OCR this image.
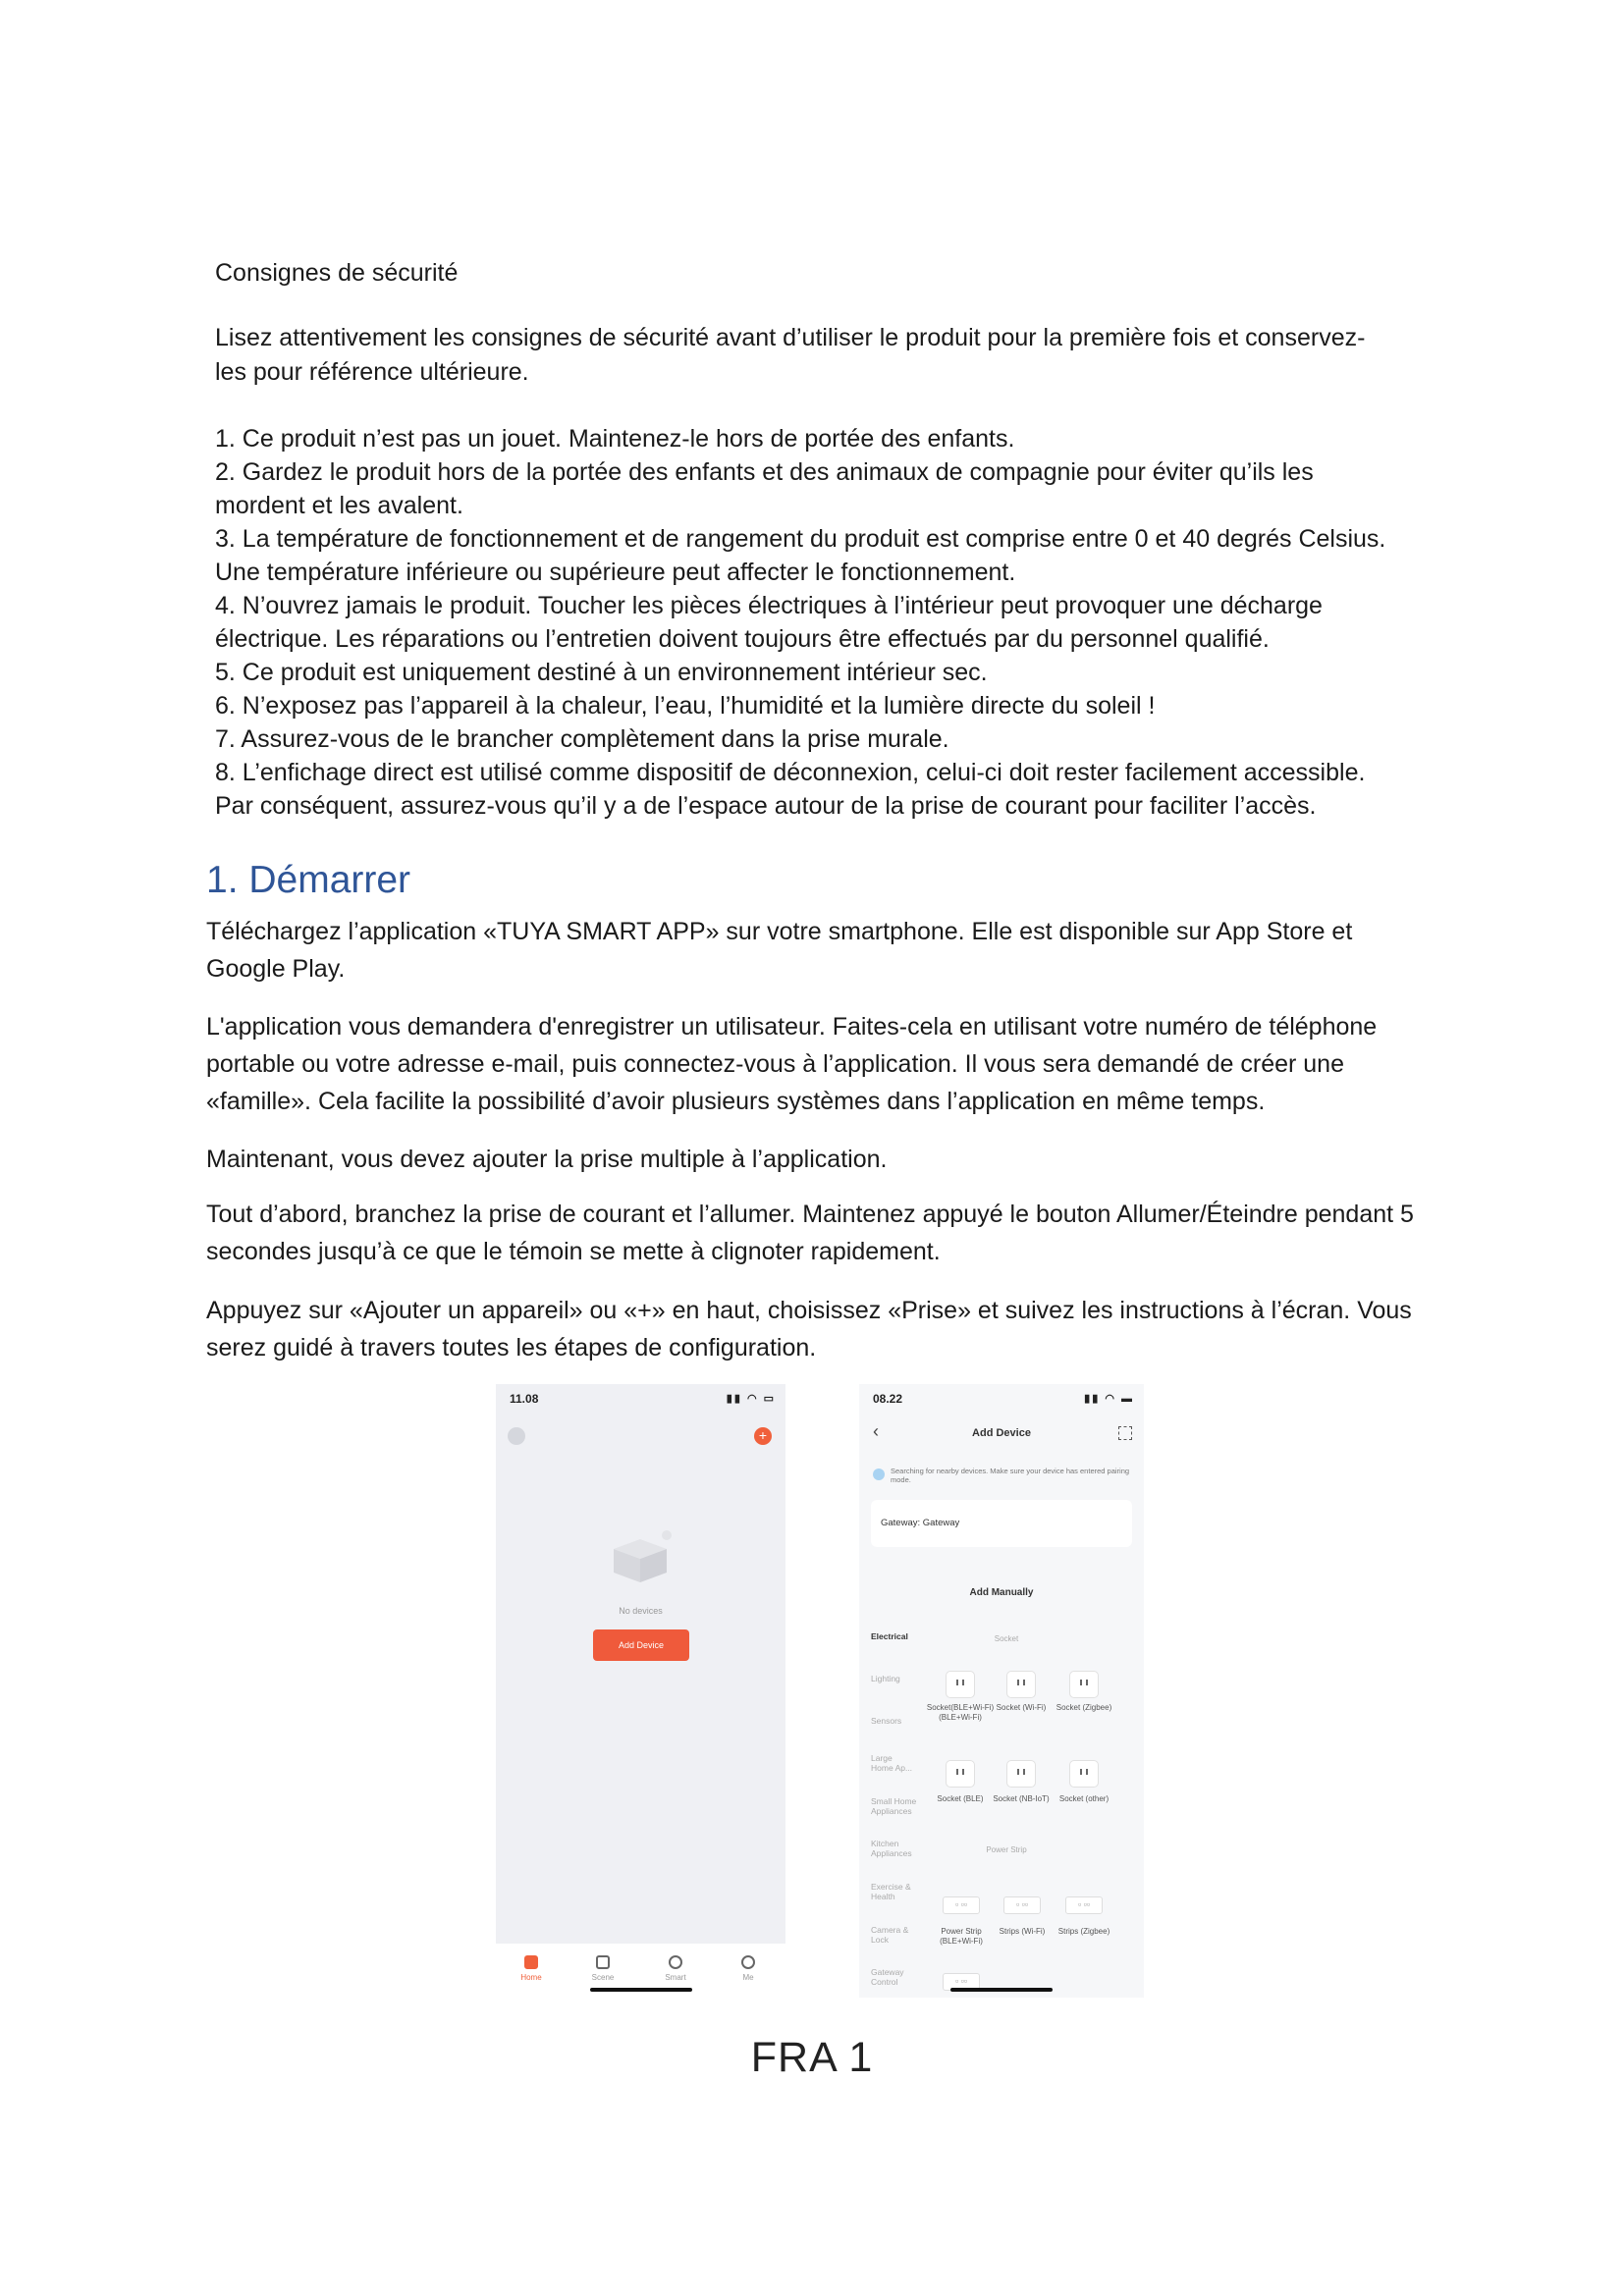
Consignes de sécurité
Lisez attentivement les consignes de sécurité avant d’utiliser le produit pour la première fois et conservez-les pour référence ultérieure.
1. Ce produit n’est pas un jouet. Maintenez-le hors de portée des enfants.
2. Gardez le produit hors de la portée des enfants et des animaux de compagnie pour éviter qu’ils les mordent et les avalent.
3. La température de fonctionnement et de rangement du produit est comprise entre 0 et 40 degrés Celsius. Une température inférieure ou supérieure peut affecter le fonctionnement.
4. N’ouvrez jamais le produit. Toucher les pièces électriques à l’intérieur peut provoquer une décharge électrique. Les réparations ou l’entretien doivent toujours être effectués par du personnel qualifié.
5. Ce produit est uniquement destiné à un environnement intérieur sec.
6. N’exposez pas l’appareil à la chaleur, l’eau, l’humidité et la lumière directe du soleil !
7. Assurez-vous de le brancher complètement dans la prise murale.
8. L’enfichage direct est utilisé comme dispositif de déconnexion, celui-ci doit rester facilement accessible. Par conséquent, assurez-vous qu’il y a de l’espace autour de la prise de courant pour faciliter l’accès.
1. Démarrer
Téléchargez l’application «TUYA SMART APP» sur votre smartphone. Elle est disponible sur App Store et Google Play.
L'application vous demandera d'enregistrer un utilisateur. Faites-cela en utilisant votre numéro de téléphone portable ou votre adresse e-mail, puis connectez-vous à l’application. Il vous sera demandé de créer une «famille». Cela facilite la possibilité d’avoir plusieurs systèmes dans l’application en même temps.
Maintenant, vous devez ajouter la prise multiple à l’application.
Tout d’abord, branchez la prise de courant et l’allumer. Maintenez appuyé le bouton Allumer/Éteindre pendant 5 secondes jusqu’à ce que le témoin se mette à clignoter rapidement.
Appuyez sur «Ajouter un appareil» ou «+» en haut, choisissez «Prise» et suivez les instructions à l’écran. Vous serez guidé à travers toutes les étapes de configuration.
11.08	▮▮ ◠ ▭
+
No devices
Add Device
Home	Scene	Smart	Me
08.22	▮▮ ◠ ▬
‹	Add Device
Searching for nearby devices. Make sure your device has entered pairing mode.
Gateway: Gateway
Add Manually
Electrical
Lighting
Sensors
Large Home Ap...
Small Home Appliances
Kitchen Appliances
Exercise & Health
Camera & Lock
Gateway Control
Socket
Socket(BLE+Wi-Fi) (BLE+Wi-Fi)
Socket (Wi-Fi)	Socket (Zigbee)
Socket (BLE)	Socket (NB-IoT)	Socket (other)
Power Strip
▫ ▫▫	▫ ▫▫	▫ ▫▫
Power Strip (BLE+Wi-Fi)
Strips (Wi-Fi)	Strips (Zigbee)
▫ ▫▫
FRA 1
